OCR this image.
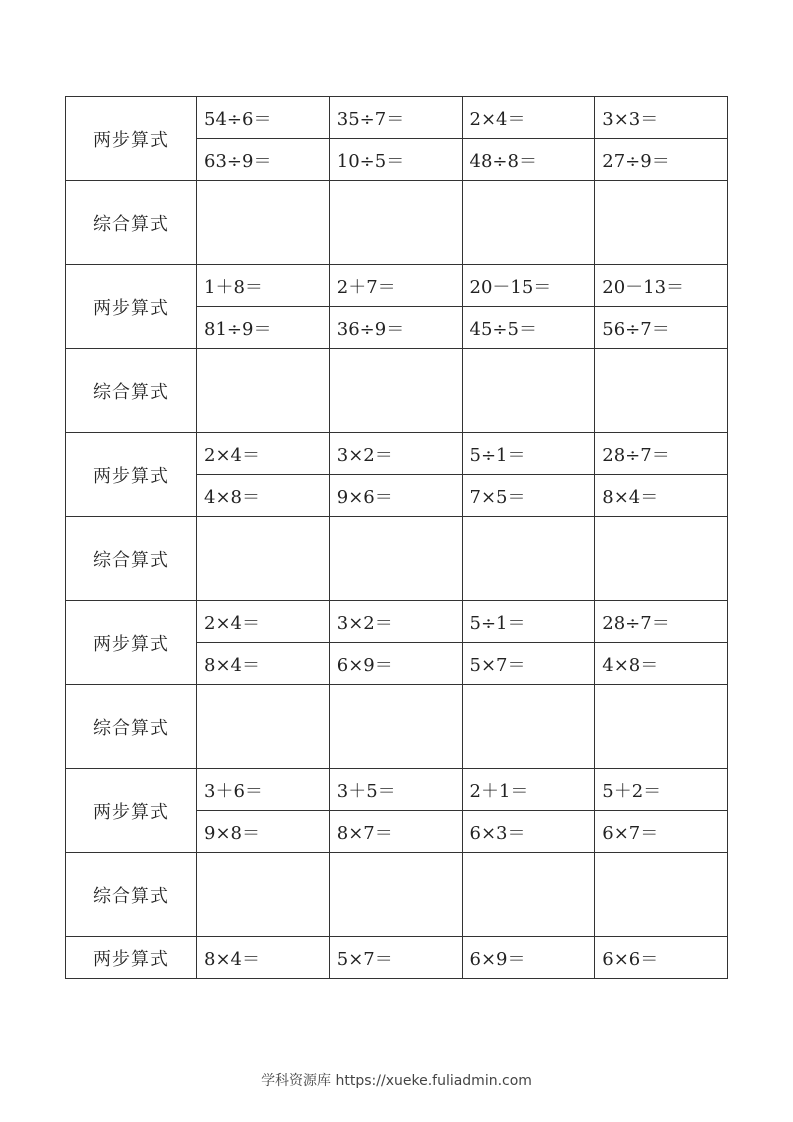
两步算式	54÷6＝	35÷7＝	2×4＝	3×3＝
	63÷9＝	10÷5＝	48÷8＝	27÷9＝
综合算式				
两步算式	1＋8＝	2＋7＝	20－15＝	20－13＝
	81÷9＝	36÷9＝	45÷5＝	56÷7＝
综合算式				
两步算式	2×4＝	3×2＝	5÷1＝	28÷7＝
	4×8＝	9×6＝	7×5＝	8×4＝
综合算式				
两步算式	2×4＝	3×2＝	5÷1＝	28÷7＝
	8×4＝	6×9＝	5×7＝	4×8＝
综合算式				
两步算式	3＋6＝	3＋5＝	2＋1＝	5＋2＝
	9×8＝	8×7＝	6×3＝	6×7＝
综合算式				
两步算式	8×4＝	5×7＝	6×9＝	6×6＝
学科资源库 https://xueke.fuliadmin.com
